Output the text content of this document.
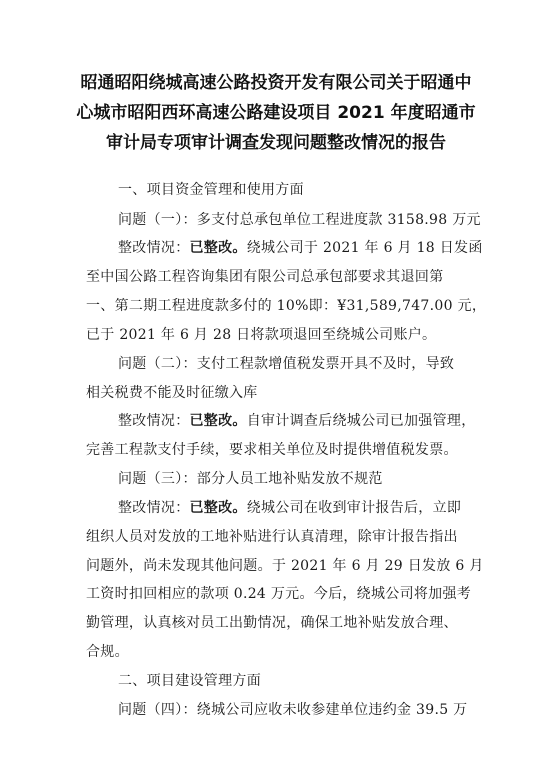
昭通昭阳绕城高速公路投资开发有限公司关于昭通中
心城市昭阳西环高速公路建设项目 2021 年度昭通市
审计局专项审计调查发现问题整改情况的报告
一、项目资金管理和使用方面
问题（一）：多支付总承包单位工程进度款 3158.98 万元
整改情况：已整改。绕城公司于 2021 年 6 月 18 日发函
至中国公路工程咨询集团有限公司总承包部要求其退回第
一、第二期工程进度款多付的 10%即：¥31,589,747.00 元，
已于 2021 年 6 月 28 日将款项退回至绕城公司账户。
问题（二）：支付工程款增值税发票开具不及时，导致
相关税费不能及时征缴入库
整改情况：已整改。自审计调查后绕城公司已加强管理，
完善工程款支付手续，要求相关单位及时提供增值税发票。
问题（三）：部分人员工地补贴发放不规范
整改情况：已整改。绕城公司在收到审计报告后，立即
组织人员对发放的工地补贴进行认真清理，除审计报告指出
问题外，尚未发现其他问题。于 2021 年 6 月 29 日发放 6 月
工资时扣回相应的款项 0.24 万元。今后，绕城公司将加强考
勤管理，认真核对员工出勤情况，确保工地补贴发放合理、
合规。
二、项目建设管理方面
问题（四）：绕城公司应收未收参建单位违约金 39.5 万
